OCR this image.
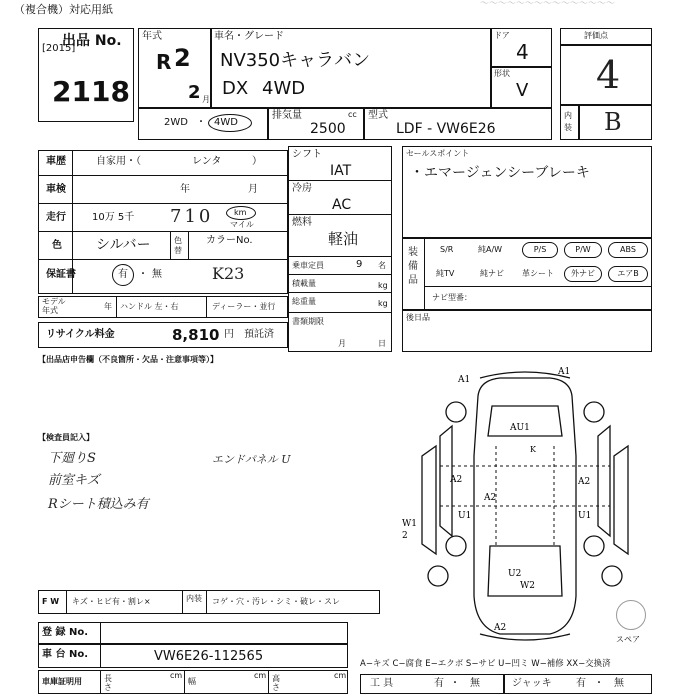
（複合機）対応用紙	〜〜〜〜〜〜〜〜〜〜〜〜〜〜〜
出品 No.
[2015]
2118
年式
R 2
2 月
車名・グレード
NV350キャラバン
DX 4WD
ドア
4
形状
V
評価点
4
内装 B
2WD ・ 4WD
排気量	cc
2500
型式
LDF - VW6E26
車歴	自家用・（	レンタ	）
車検	年	月
走行	10万 5千 710	km
マイル
色 シルバー	色替
カラーNo.
保証書	有 ・ 無	K23
モデル年式	年 ハンドル 左・右	ディーラー・並行
リサイクル料金	8,810 円 預託済
シフト
IAT
冷房
AC
燃料
軽油
乗車定員	9 名
積載量	kg
総重量	kg
書類期限
月	日
セールスポイント
・エマージェンシーブレーキ
装備品
S/R	純A/W	P/S	P/W	ABS
純TV	純ナビ 革シート	外ナビ	エアB
ナビ型番：
後日品
【出品店申告欄（不良箇所・欠品・注意事項等）】
【検査員記入】
下廻りS
前室キズ
Rシート積込み有
エンドパネル U
A1
A1
AU1
K
A2
A2
U1	U1
A2
W1
2
U2
W2
A2
スペア
F W キズ・ヒビ有・割レ×	内装	コゲ・穴・汚レ・シミ・破レ・スレ
登 録 No.
車 台 No.	VW6E26-112565
車庫証明用	長さ
cm
幅
cm 高さ
cm
A−キズ C−腐食 E−エクボ S−サビ U−凹ミ W−補修 XX−交換済
工 具	有 ・ 無	ジャッキ 有 ・ 無
